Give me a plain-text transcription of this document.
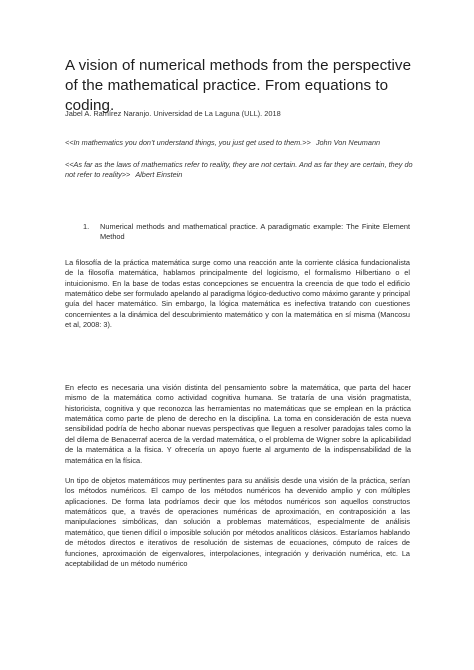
A vision of numerical methods from the perspective of the mathematical practice. From equations to coding.
Jabel A. Ramírez Naranjo. Universidad de La Laguna (ULL). 2018
<<In mathematics you don’t understand things, you just get used to them.>> John Von Neumann
<<As far as the laws of mathematics refer to reality, they are not certain. And as far they are certain, they do not refer to reality>> Albert Einstein
1.	Numerical methods and mathematical practice. A paradigmatic example: The Finite Element Method
La filosofía de la práctica matemática surge como una reacción ante la corriente clásica fundacionalista de la filosofía matemática, hablamos principalmente del logicismo, el formalismo Hilbertiano o el intuicionismo. En la base de todas estas concepciones se encuentra la creencia de que todo el edificio matemático debe ser formulado apelando al paradigma lógico-deductivo como máximo garante y principal guía del hacer matemático. Sin embargo, la lógica matemática es inefectiva tratando con cuestiones concernientes a la dinámica del descubrimiento matemático y con la matemática en sí misma (Mancosu et al, 2008: 3).
En efecto es necesaria una visión distinta del pensamiento sobre la matemática, que parta del hacer mismo de la matemática como actividad cognitiva humana. Se trataría de una visión pragmatista, historicista, cognitiva y que reconozca las herramientas no matemáticas que se emplean en la práctica matemática como parte de pleno de derecho en la disciplina. La toma en consideración de esta nueva sensibilidad podría de hecho abonar nuevas perspectivas que lleguen a resolver paradojas tales como la del dilema de Benacerraf acerca de la verdad matemática, o el problema de Wigner sobre la aplicabilidad de la matemática a la física. Y ofrecería un apoyo fuerte al argumento de la indispensabilidad de la matemática en la física.
Un tipo de objetos matemáticos muy pertinentes para su análisis desde una visión de la práctica, serían los métodos numéricos. El campo de los métodos numéricos ha devenido amplio y con múltiples aplicaciones. De forma lata podríamos decir que los métodos numéricos son aquellos constructos matemáticos que, a través de operaciones numéricas de aproximación, en contraposición a las manipulaciones simbólicas, dan solución a problemas matemáticos, especialmente de análisis matemático, que tienen difícil o imposible solución por métodos analíticos clásicos. Estaríamos hablando de métodos directos e iterativos de resolución de sistemas de ecuaciones, cómputo de raíces de funciones, aproximación de eigenvalores, interpolaciones, integración y derivación numérica, etc. La aceptabilidad de un método numérico
